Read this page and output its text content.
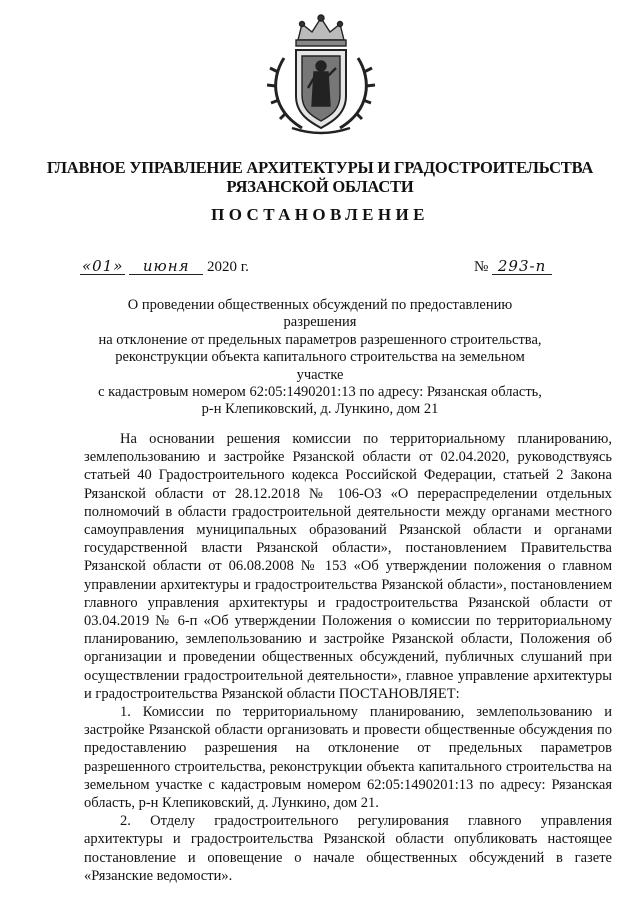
ГЛАВНОЕ УПРАВЛЕНИЕ АРХИТЕКТУРЫ И ГРАДОСТРОИТЕЛЬСТВА
РЯЗАНСКОЙ ОБЛАСТИ
ПОСТАНОВЛЕНИЕ
«01» июня 2020 г.	№ 293-п
О проведении общественных обсуждений по предоставлению разрешения
на отклонение от предельных параметров разрешенного строительства,
реконструкции объекта капитального строительства на земельном участке
с кадастровым номером 62:05:1490201:13 по адресу: Рязанская область,
р-н Клепиковский, д. Лункино, дом 21

На основании решения комиссии по территориальному планированию, землепользованию и застройке Рязанской области от 02.04.2020, руководствуясь статьей 40 Градостроительного кодекса Российской Федерации, статьей 2 Закона Рязанской области от 28.12.2018 № 106-ОЗ «О перераспределении отдельных полномочий в области градостроительной деятельности между органами местного самоуправления муниципальных образований Рязанской области и органами государственной власти Рязанской области», постановлением Правительства Рязанской области от 06.08.2008 № 153 «Об утверждении положения о главном управлении архитектуры и градостроительства Рязанской области», постановлением главного управления архитектуры и градостроительства Рязанской области от 03.04.2019 № 6-п «Об утверждении Положения о комиссии по территориальному планированию, землепользованию и застройке Рязанской области, Положения об организации и проведении общественных обсуждений, публичных слушаний при осуществлении градостроительной деятельности», главное управление архитектуры и градостроительства Рязанской области ПОСТАНОВЛЯЕТ:

1. Комиссии по территориальному планированию, землепользованию и застройке Рязанской области организовать и провести общественные обсуждения по предоставлению разрешения на отклонение от предельных параметров разрешенного строительства, реконструкции объекта капитального строительства на земельном участке с кадастровым номером 62:05:1490201:13 по адресу: Рязанская область, р-н Клепиковский, д. Лункино, дом 21.

2. Отделу градостроительного регулирования главного управления архитектуры и градостроительства Рязанской области опубликовать настоящее постановление и оповещение о начале общественных обсуждений в газете «Рязанские ведомости».
